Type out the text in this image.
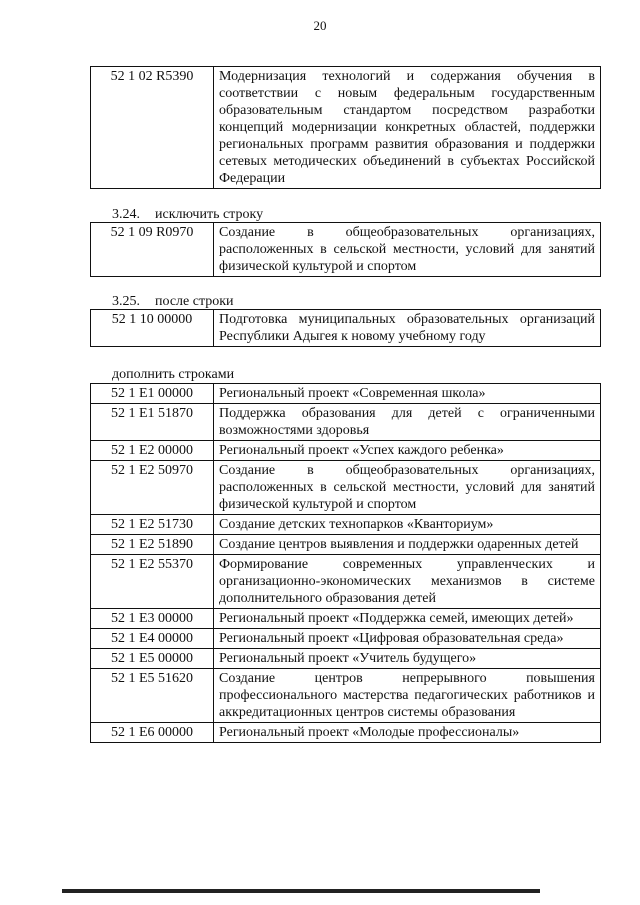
20
52 1 02 R5390	Модернизация технологий и содержания обучения в соответствии с новым федеральным государственным образовательным стандартом посредством разработки концепций модернизации конкретных областей, поддержки региональных программ развития образования и поддержки сетевых методических объединений в субъектах Российской Федерации
3.24. исключить строку
52 1 09 R0970	Создание в общеобразовательных организациях, расположенных в сельской местности, условий для занятий физической культурой и спортом
3.25. после строки
52 1 10 00000	Подготовка муниципальных образовательных организаций Республики Адыгея к новому учебному году
дополнить строками
52 1 E1 00000	Региональный проект «Современная школа»
52 1 E1 51870	Поддержка образования для детей с ограниченными возможностями здоровья
52 1 E2 00000	Региональный проект «Успех каждого ребенка»
52 1 E2 50970	Создание в общеобразовательных организациях, расположенных в сельской местности, условий для занятий физической культурой и спортом
52 1 E2 51730	Создание детских технопарков «Кванториум»
52 1 E2 51890	Создание центров выявления и поддержки одаренных детей
52 1 E2 55370	Формирование современных управленческих и организационно-экономических механизмов в системе дополнительного образования детей
52 1 E3 00000	Региональный проект «Поддержка семей, имеющих детей»
52 1 E4 00000	Региональный проект «Цифровая образовательная среда»
52 1 E5 00000	Региональный проект «Учитель будущего»
52 1 E5 51620	Создание центров непрерывного повышения профессионального мастерства педагогических работников и аккредитационных центров системы образования
52 1 E6 00000	Региональный проект «Молодые профессионалы»
